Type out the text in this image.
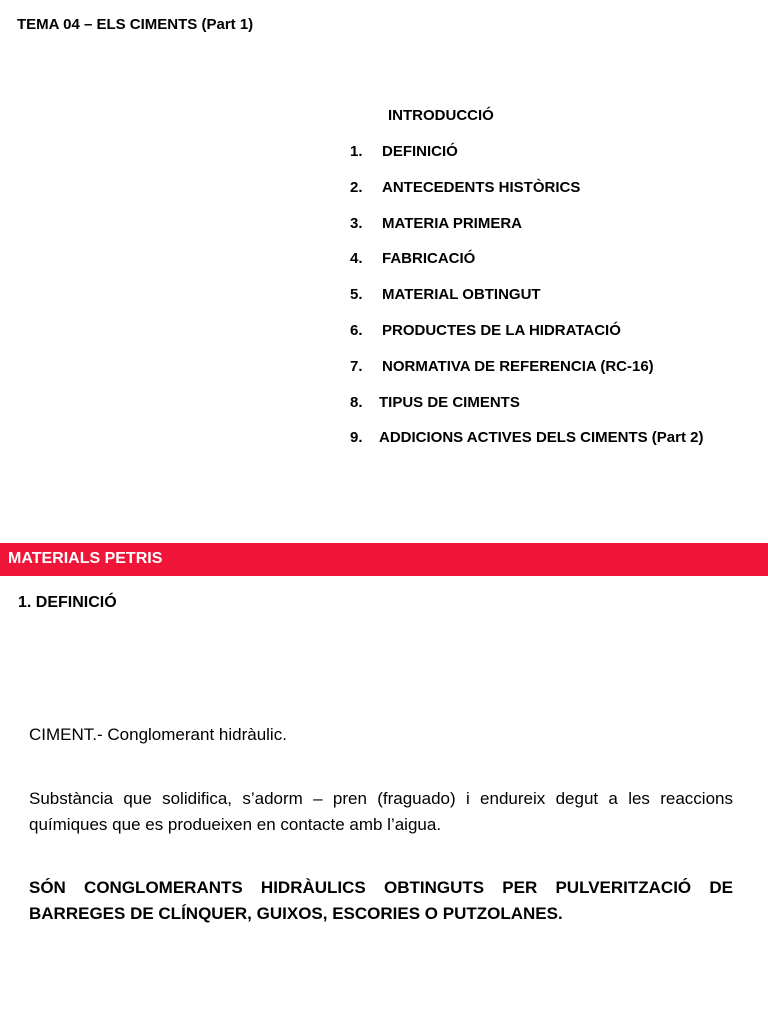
TEMA 04 – ELS CIMENTS (Part 1)
INTRODUCCIÓ
1.	DEFINICIÓ
2.	ANTECEDENTS HISTÒRICS
3.	MATERIA PRIMERA
4.	FABRICACIÓ
5.	MATERIAL OBTINGUT
6.	PRODUCTES DE LA HIDRATACIÓ
7.	NORMATIVA DE REFERENCIA (RC-16)
8.	TIPUS DE CIMENTS
9.	ADDICIONS ACTIVES DELS CIMENTS (Part 2)
MATERIALS PETRIS
1. DEFINICIÓ

CIMENT.- Conglomerant hidràulic.

Substància que solidifica, s’adorm – pren (fraguado) i endureix degut a les reaccions químiques que es produeixen en contacte amb l’aigua.

SÓN CONGLOMERANTS HIDRÀULICS OBTINGUTS PER PULVERITZACIÓ DE BARREGES DE CLÍNQUER, GUIXOS, ESCORIES O PUTZOLANES.
